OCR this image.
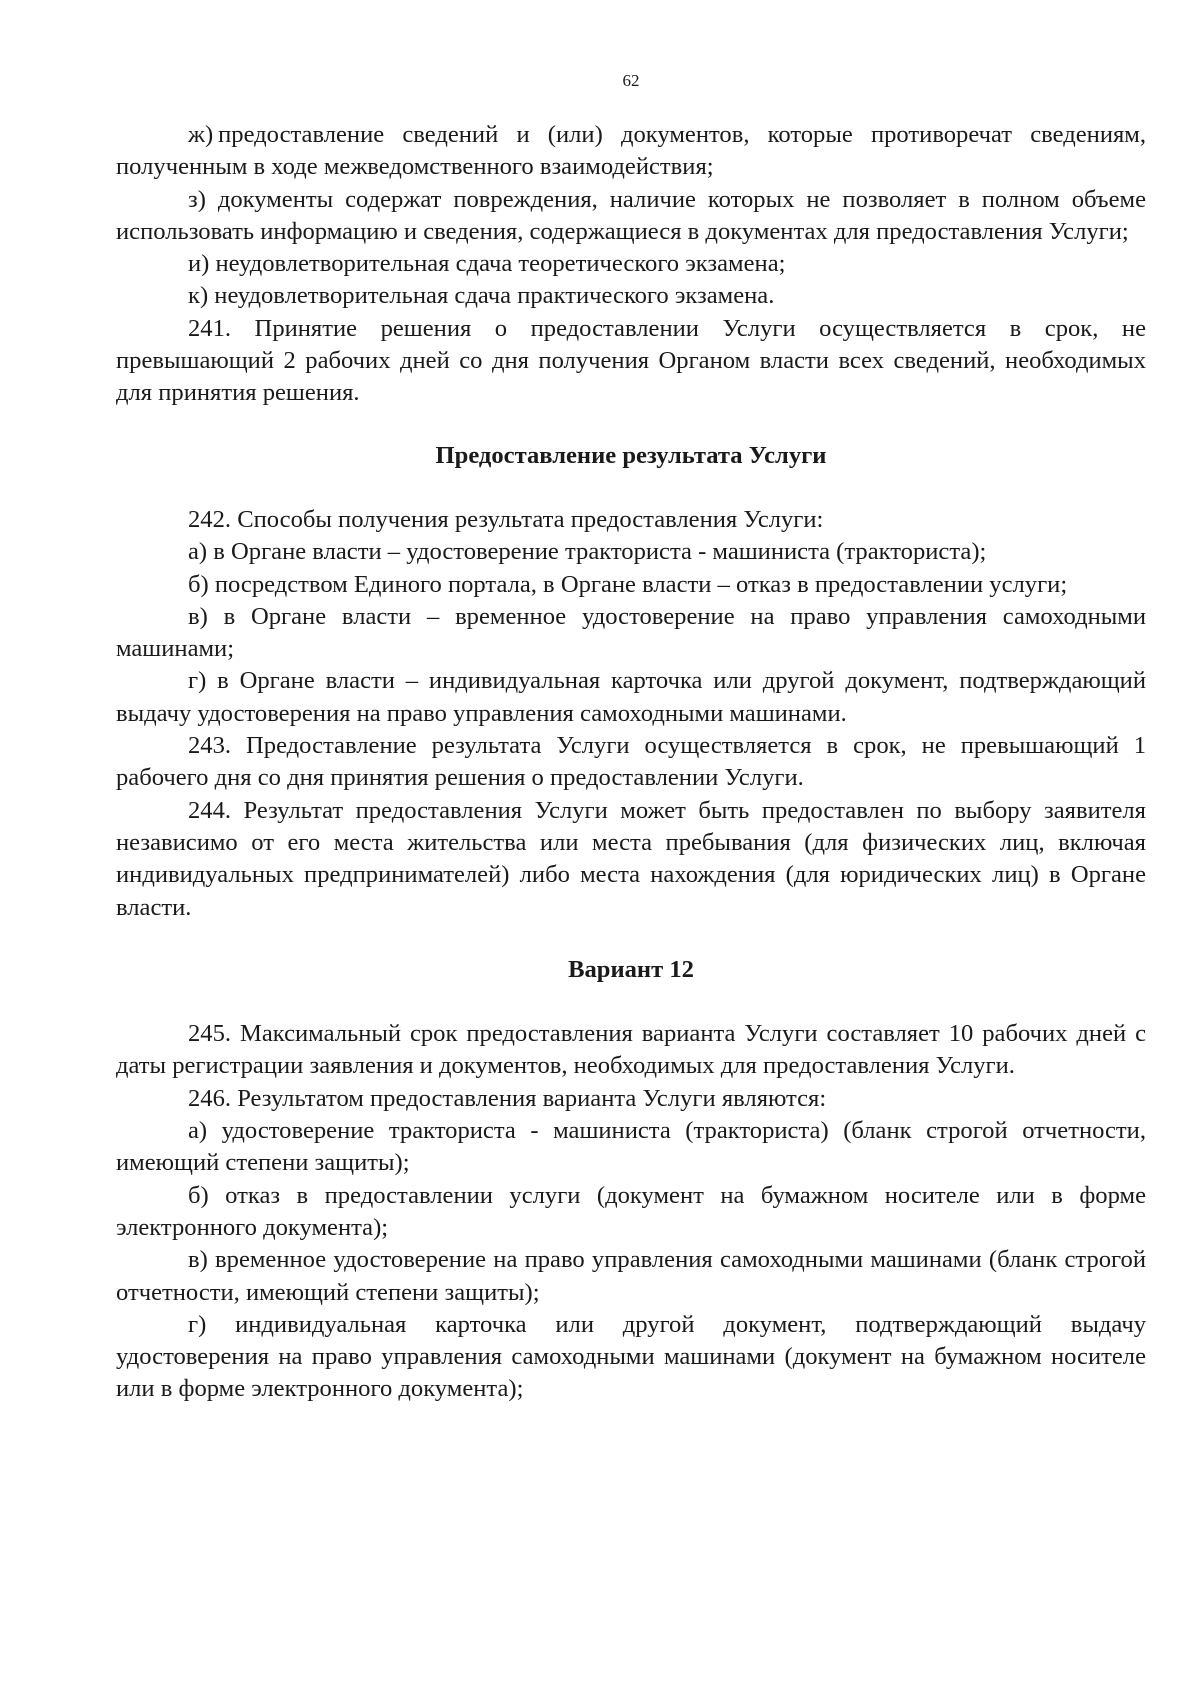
62

ж) предоставление сведений и (или) документов, которые противоречат сведениям, полученным в ходе межведомственного взаимодействия;

з) документы содержат повреждения, наличие которых не позволяет в полном объеме использовать информацию и сведения, содержащиеся в документах для предоставления Услуги;

и) неудовлетворительная сдача теоретического экзамена;

к) неудовлетворительная сдача практического экзамена.

241. Принятие решения о предоставлении Услуги осуществляется в срок, не превышающий 2 рабочих дней со дня получения Органом власти всех сведений, необходимых для принятия решения.

Предоставление результата Услуги

242. Способы получения результата предоставления Услуги:

а) в Органе власти – удостоверение тракториста - машиниста (тракториста);

б) посредством Единого портала, в Органе власти – отказ в предоставлении услуги;

в) в Органе власти – временное удостоверение на право управления самоходными машинами;

г) в Органе власти – индивидуальная карточка или другой документ, подтверждающий выдачу удостоверения на право управления самоходными машинами.

243. Предоставление результата Услуги осуществляется в срок, не превышающий 1 рабочего дня со дня принятия решения о предоставлении Услуги.

244. Результат предоставления Услуги может быть предоставлен по выбору заявителя независимо от его места жительства или места пребывания (для физических лиц, включая индивидуальных предпринимателей) либо места нахождения (для юридических лиц) в Органе власти.

Вариант 12

245. Максимальный срок предоставления варианта Услуги составляет 10 рабочих дней с даты регистрации заявления и документов, необходимых для предоставления Услуги.

246. Результатом предоставления варианта Услуги являются:

а) удостоверение тракториста - машиниста (тракториста) (бланк строгой отчетности, имеющий степени защиты);

б) отказ в предоставлении услуги (документ на бумажном носителе или в форме электронного документа);

в) временное удостоверение на право управления самоходными машинами (бланк строгой отчетности, имеющий степени защиты);

г) индивидуальная карточка или другой документ, подтверждающий выдачу удостоверения на право управления самоходными машинами (документ на бумажном носителе или в форме электронного документа);
